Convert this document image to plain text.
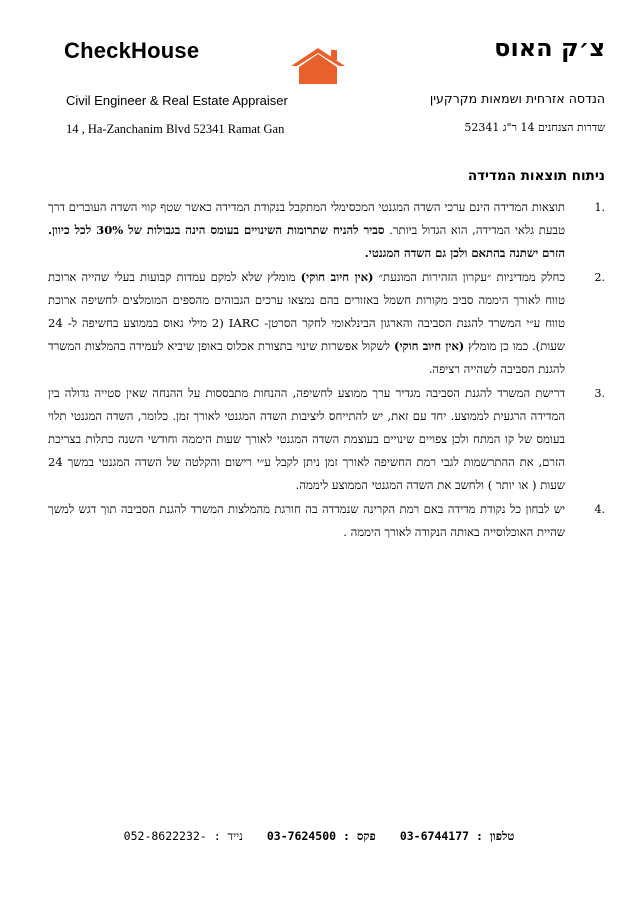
CheckHouse	צ׳ק האוס
Civil Engineer & Real Estate Appraiser	הנדסה אזרחית ושמאות מקרקעין
14 , Ha-Zanchanim Blvd 52341 Ramat Gan	שדרות הצנחנים 14 ר"ג 52341
ניתוח תוצאות המדידה

1.
תוצאות המדידה הינם ערכי השדה המגנטי המכסימלי המתקבל בנקודת המדידה כאשר שטף קווי השדה העוברים דרך טבעת גלאי המדידה, הוא הגדול ביותר. סביר להניח שתרומות השינויים בעומס הינה בגבולות של 30% לכל כיוון. הזרם ישתנה בהתאם ולכן גם השדה המגנטי.

2.
כחלק ממדיניות ״עקרון הזהירות המונעת״ (אין חיוב חוקי) מומלץ שלא למקם עמדות קבועות בעלי שהייה ארוכת טווח לאורך היממה סביב מקורות חשמל באזורים בהם נמצאו ערכים הגבוהים מהספים המומלצים לחשיפה ארוכת טווח ע״י המשרד להגנת הסביבה והארגון הבינלאומי לחקר הסרטן- IARC (2 מילי גאוס בממוצע בחשיפה ל- 24 שעות). כמו כן מומלץ (אין חיוב חוקי) לשקול אפשרות שינוי בתצורת אכלוס באופן שיביא לעמידה בהמלצות המשרד להגנת הסביבה לשהייה רציפה.

3.
דרישת המשרד להגנת הסביבה מגדיר ערך ממוצע לחשיפה, ההנחות מתבססות על ההנחה שאין סטייה גדולה בין המדידה הרגעית לממוצע. יחד עם זאת, יש להתייחס ליציבות השדה המגנטי לאורך זמן. כלומר, השדה המגנטי תלוי בעומס של קו המתח ולכן צפויים שינויים בעוצמת השדה המגנטי לאורך שעות היממה וחודשי השנה כתלות בצריכת הזרם, את ההתרשמות לגבי רמת החשיפה לאורך זמן ניתן לקבל ע״י רישום והקלטה של השדה המגנטי במשך 24 שעות ( או יותר ) ולחשב את השדה המגנטי הממוצע ליממה.

4.
יש לבחון כל נקודת מדידה באם רמת הקרינה שנמדדה בה חורגת מהמלצות המשרד להגנת הסביבה תוך דגש למשך שהיית האוכלוסייה באותה הנקודה לאורך היממה .

טלפון : 03-6744177פקס : 03-7624500נייד : -052-8622232
